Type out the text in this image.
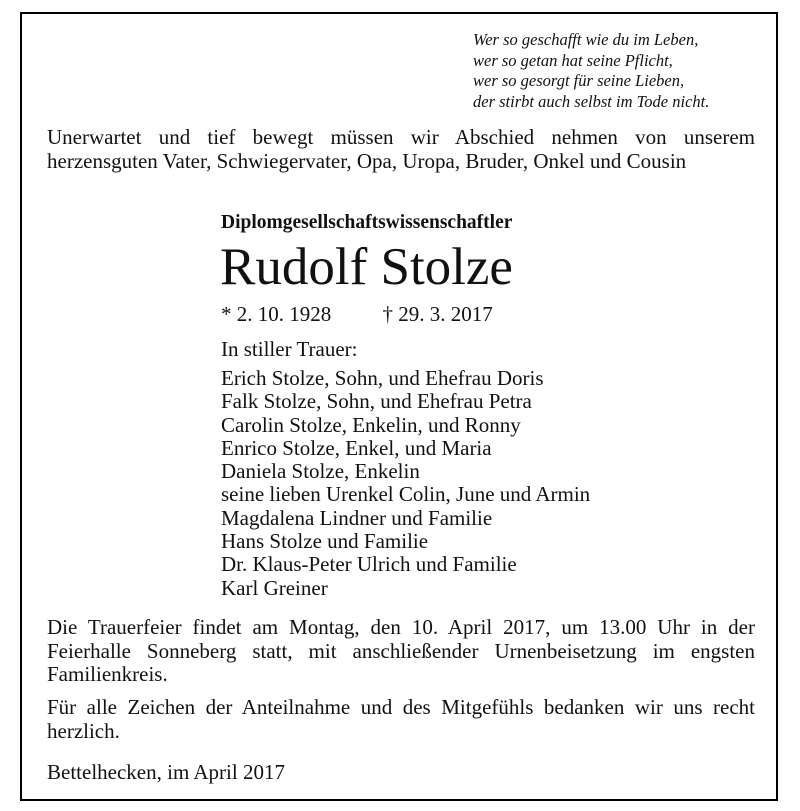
Wer so geschafft wie du im Leben,
wer so getan hat seine Pflicht,
wer so gesorgt für seine Lieben,
der stirbt auch selbst im Tode nicht.
Unerwartet und tief bewegt müssen wir Abschied nehmen von unserem herzensguten Vater, Schwiegervater, Opa, Uropa, Bruder, Onkel und Cousin
Diplomgesellschaftswissenschaftler
Rudolf Stolze
* 2. 10. 1928 † 29. 3. 2017
In stiller Trauer:
Erich Stolze, Sohn, und Ehefrau Doris
Falk Stolze, Sohn, und Ehefrau Petra
Carolin Stolze, Enkelin, und Ronny
Enrico Stolze, Enkel, und Maria
Daniela Stolze, Enkelin
seine lieben Urenkel Colin, June und Armin
Magdalena Lindner und Familie
Hans Stolze und Familie
Dr. Klaus-Peter Ulrich und Familie
Karl Greiner
Die Trauerfeier findet am Montag, den 10. April 2017, um 13.00 Uhr in der Feierhalle Sonneberg statt, mit anschließender Urnenbeisetzung im engsten Familienkreis.
Für alle Zeichen der Anteilnahme und des Mitgefühls bedanken wir uns recht herzlich.
Bettelhecken, im April 2017
